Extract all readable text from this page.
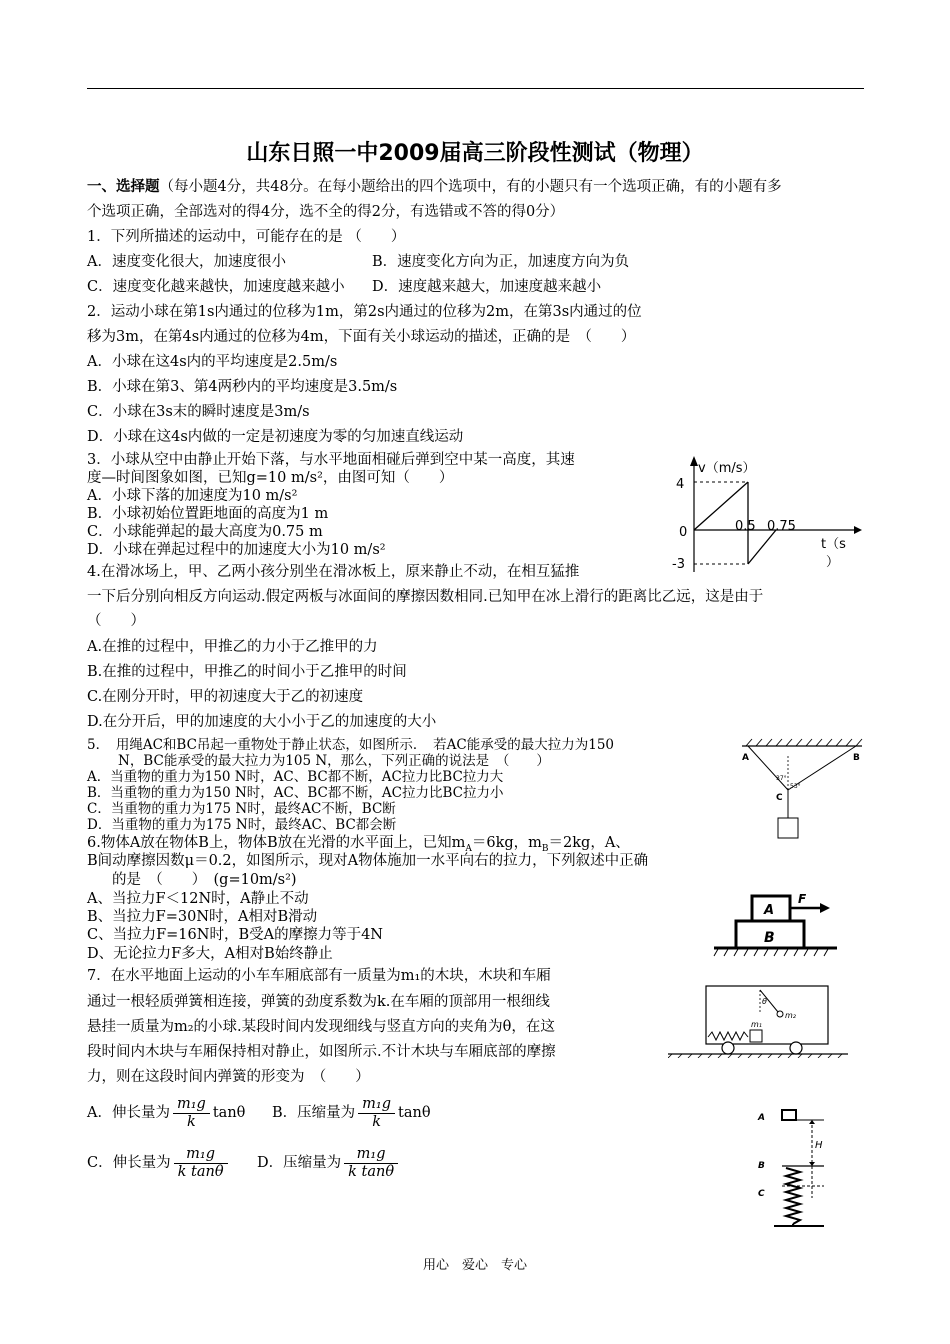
山东日照一中2009届高三阶段性测试（物理）
一、选择题（每小题4分，共48分。在每小题给出的四个选项中，有的小题只有一个选项正确，有的小题有多
个选项正确，全部选对的得4分，选不全的得2分，有选错或不答的得0分）
1．下列所描述的运动中，可能存在的是 （　　）
A．速度变化很大，加速度很小	B．速度变化方向为正，加速度方向为负
C．速度变化越来越快，加速度越来越小 D．速度越来越大，加速度越来越小
2．运动小球在第1s内通过的位移为1m，第2s内通过的位移为2m，在第3s内通过的位
移为3m，在第4s内通过的位移为4m，下面有关小球运动的描述，正确的是　（　　）
A．小球在这4s内的平均速度是2.5m/s
B．小球在第3、第4两秒内的平均速度是3.5m/s
C．小球在3s末的瞬时速度是3m/s
D．小球在这4s内做的一定是初速度为零的匀加速直线运动
3．小球从空中由静止开始下落，与水平地面相碰后弹到空中某一高度，其速
度—时间图象如图，已知g=10 m/s²，由图可知（　　）
A．小球下落的加速度为10 m/s²
B．小球初始位置距地面的高度为1 m
C．小球能弹起的最大高度为0.75 m
D．小球在弹起过程中的加速度大小为10 m/s²
v（m/s）
4
0
-3
0.5 0.75
t（s
）
4.在滑冰场上，甲、乙两小孩分别坐在滑冰板上，原来静止不动，在相互猛推
一下后分别向相反方向运动.假定两板与冰面间的摩擦因数相同.已知甲在冰上滑行的距离比乙远，这是由于
（　　）
A.在推的过程中，甲推乙的力小于乙推甲的力
B.在推的过程中，甲推乙的时间小于乙推甲的时间
C.在刚分开时，甲的初速度大于乙的初速度
D.在分开后，甲的加速度的大小小于乙的加速度的大小
5．　用绳AC和BC吊起一重物处于静止状态，如图所示．　若AC能承受的最大拉力为150
N，BC能承受的最大拉力为105 N，那么，下列正确的说法是　（　　）
A．当重物的重力为150 N时，AC、BC都不断，AC拉力比BC拉力大
B．当重物的重力为150 N时，AC、BC都不断，AC拉力比BC拉力小
C．当重物的重力为175 N时，最终AC不断，BC断
D．当重物的重力为175 N时，最终AC、BC都会断
A	B
C
37°
53°
6.物体A放在物体B上，物体B放在光滑的水平面上，已知$m_A=6kg$，$m_B=2kg$，A、
B间动摩擦因数μ＝0.2，如图所示，现对A物体施加一水平向右的拉力，下列叙述中正确
的是　（　　）　(g=10m/s²)
A、当拉力F＜12N时，A静止不动
B、当拉力F=30N时，A相对B滑动
C、当拉力F=16N时，B受A的摩擦力等于4N
D、无论拉力F多大，A相对B始终静止
A
B
F
7．在水平地面上运动的小车车厢底部有一质量为m₁的木块，木块和车厢
通过一根轻质弹簧相连接，弹簧的劲度系数为k.在车厢的顶部用一根细线
悬挂一质量为m₂的小球.某段时间内发现细线与竖直方向的夹角为θ，在这
段时间内木块与车厢保持相对静止，如图所示.不计木块与车厢底部的摩擦
力，则在这段时间内弹簧的形变为　（　　）
A．伸长量为 $\frac{\text{m₁g}}{k}$ tanθ B．压缩量为 $\frac{\text{m₁g}}{k}$ tanθ
C．伸长量为 $\frac{\text{m₁g}}{\text{k tanθ}}$ D．压缩量为 $\frac{\text{m₁g}}{\text{k tanθ}}$
θ
m₁
m₂
A
B
C
H
用心　爱心　专心
